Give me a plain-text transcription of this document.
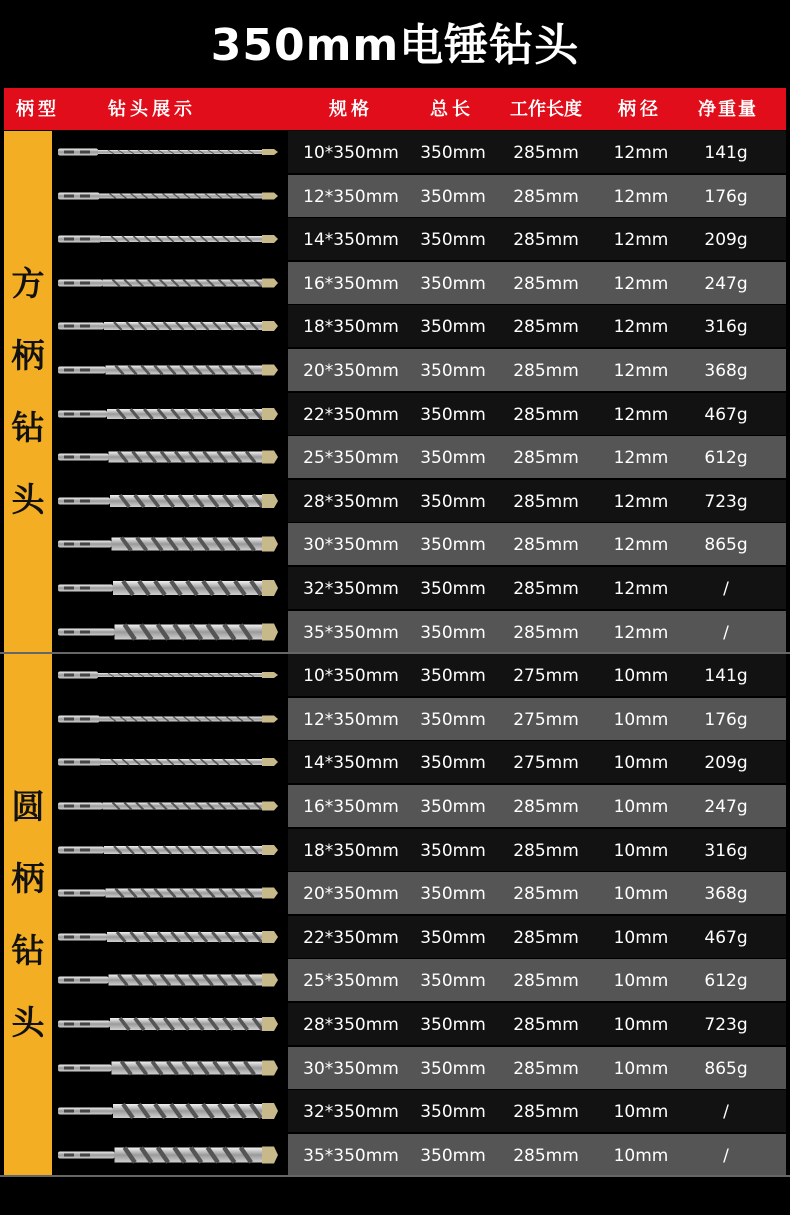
350mm电锤钻头
柄型	钻头展示	规格	总长	工作长度	柄径	净重量
方
柄
钻
头
10*350mm	350mm	285mm	12mm	141g
12*350mm	350mm	285mm	12mm	176g
14*350mm	350mm	285mm	12mm	209g
16*350mm	350mm	285mm	12mm	247g
18*350mm	350mm	285mm	12mm	316g
20*350mm	350mm	285mm	12mm	368g
22*350mm	350mm	285mm	12mm	467g
25*350mm	350mm	285mm	12mm	612g
28*350mm	350mm	285mm	12mm	723g
30*350mm	350mm	285mm	12mm	865g
32*350mm	350mm	285mm	12mm	/
35*350mm	350mm	285mm	12mm	/
圆
柄
钻
头
10*350mm	350mm	275mm	10mm	141g
12*350mm	350mm	275mm	10mm	176g
14*350mm	350mm	275mm	10mm	209g
16*350mm	350mm	285mm	10mm	247g
18*350mm	350mm	285mm	10mm	316g
20*350mm	350mm	285mm	10mm	368g
22*350mm	350mm	285mm	10mm	467g
25*350mm	350mm	285mm	10mm	612g
28*350mm	350mm	285mm	10mm	723g
30*350mm	350mm	285mm	10mm	865g
32*350mm	350mm	285mm	10mm	/
35*350mm	350mm	285mm	10mm	/
